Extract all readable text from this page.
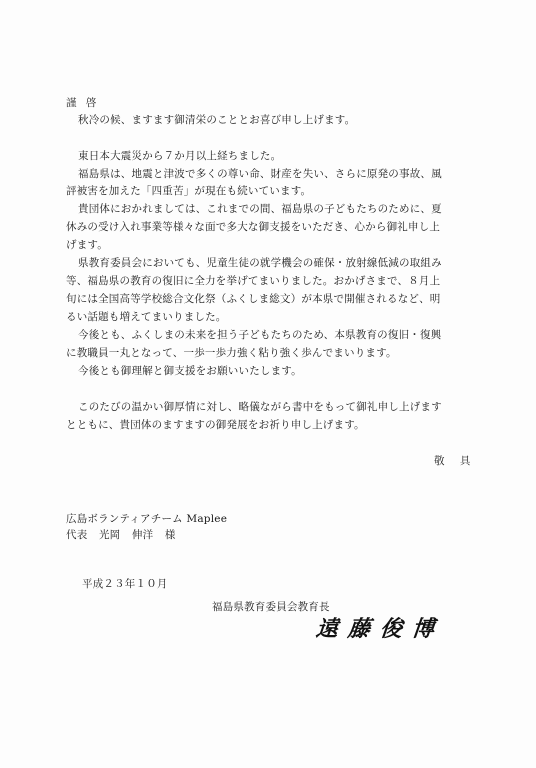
謹 啓
秋冷の候、ますます御清栄のこととお喜び申し上げます。
東日本大震災から７か月以上経ちました。
福島県は、地震と津波で多くの尊い命、財産を失い、さらに原発の事故、風
評被害を加えた「四重苦」が現在も続いています。
貴団体におかれましては、これまでの間、福島県の子どもたちのために、夏
休みの受け入れ事業等様々な面で多大な御支援をいただき、心から御礼申し上
げます。
県教育委員会においても、児童生徒の就学機会の確保・放射線低減の取組み
等、福島県の教育の復旧に全力を挙げてまいりました。おかげさまで、８月上
旬には全国高等学校総合文化祭（ふくしま総文）が本県で開催されるなど、明
るい話題も増えてまいりました。
今後とも、ふくしまの未来を担う子どもたちのため、本県教育の復旧・復興
に教職員一丸となって、一歩一歩力強く粘り強く歩んでまいります。
今後とも御理解と御支援をお願いいたします。
このたびの温かい御厚情に対し、略儀ながら書中をもって御礼申し上げます
とともに、貴団体のますますの御発展をお祈り申し上げます。
敬 具
広島ボランティアチーム Maplee
代表 光岡 伸洋 様
平成２３年１０月
福島県教育委員会教育長
遠藤俊博
